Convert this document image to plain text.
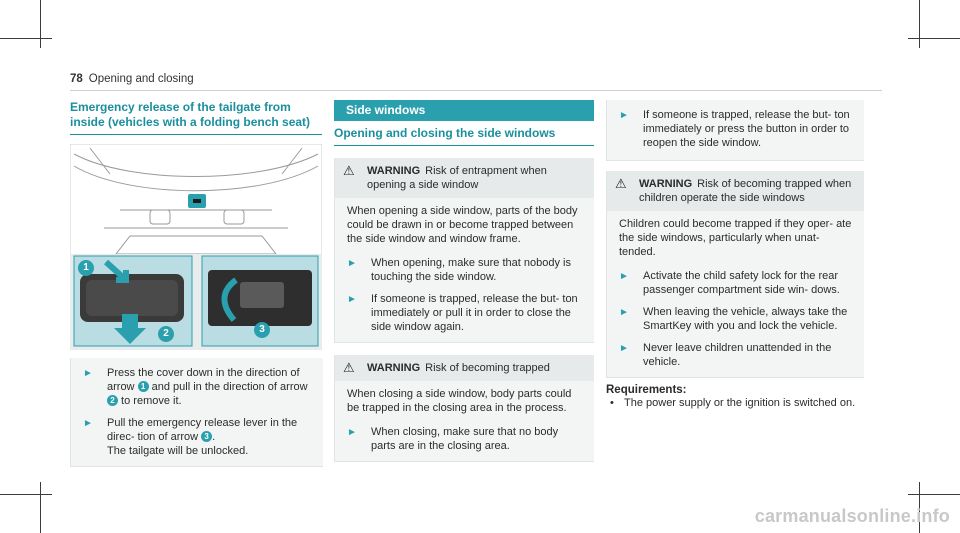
78 Opening and closing
Emergency release of the tailgate from inside (vehicles with a folding bench seat)
1
2	3
► Press the cover down in the direction of arrow 1 and pull in the direction of arrow 2 to remove it.
► Pull the emergency release lever in the direc- tion of arrow 3 .
The tailgate will be unlocked.
Side windows
Opening and closing the side windows
⚠ WARNING Risk of entrapment when opening a side window
When opening a side window, parts of the body could be drawn in or become trapped between the side window and window frame.
► When opening, make sure that nobody is touching the side window.
► If someone is trapped, release the but- ton immediately or pull it in order to close the side window again.
⚠ WARNING Risk of becoming trapped
When closing a side window, body parts could be trapped in the closing area in the process.
► When closing, make sure that no body parts are in the closing area.
► If someone is trapped, release the but- ton immediately or press the button in order to reopen the side window.
⚠ WARNING Risk of becoming trapped when children operate the side windows
Children could become trapped if they oper- ate the side windows, particularly when unat- tended.
► Activate the child safety lock for the rear passenger compartment side win- dows.
► When leaving the vehicle, always take the SmartKey with you and lock the vehicle.
► Never leave children unattended in the vehicle.
Requirements:
• The power supply or the ignition is switched on.
carmanualsonline.info
